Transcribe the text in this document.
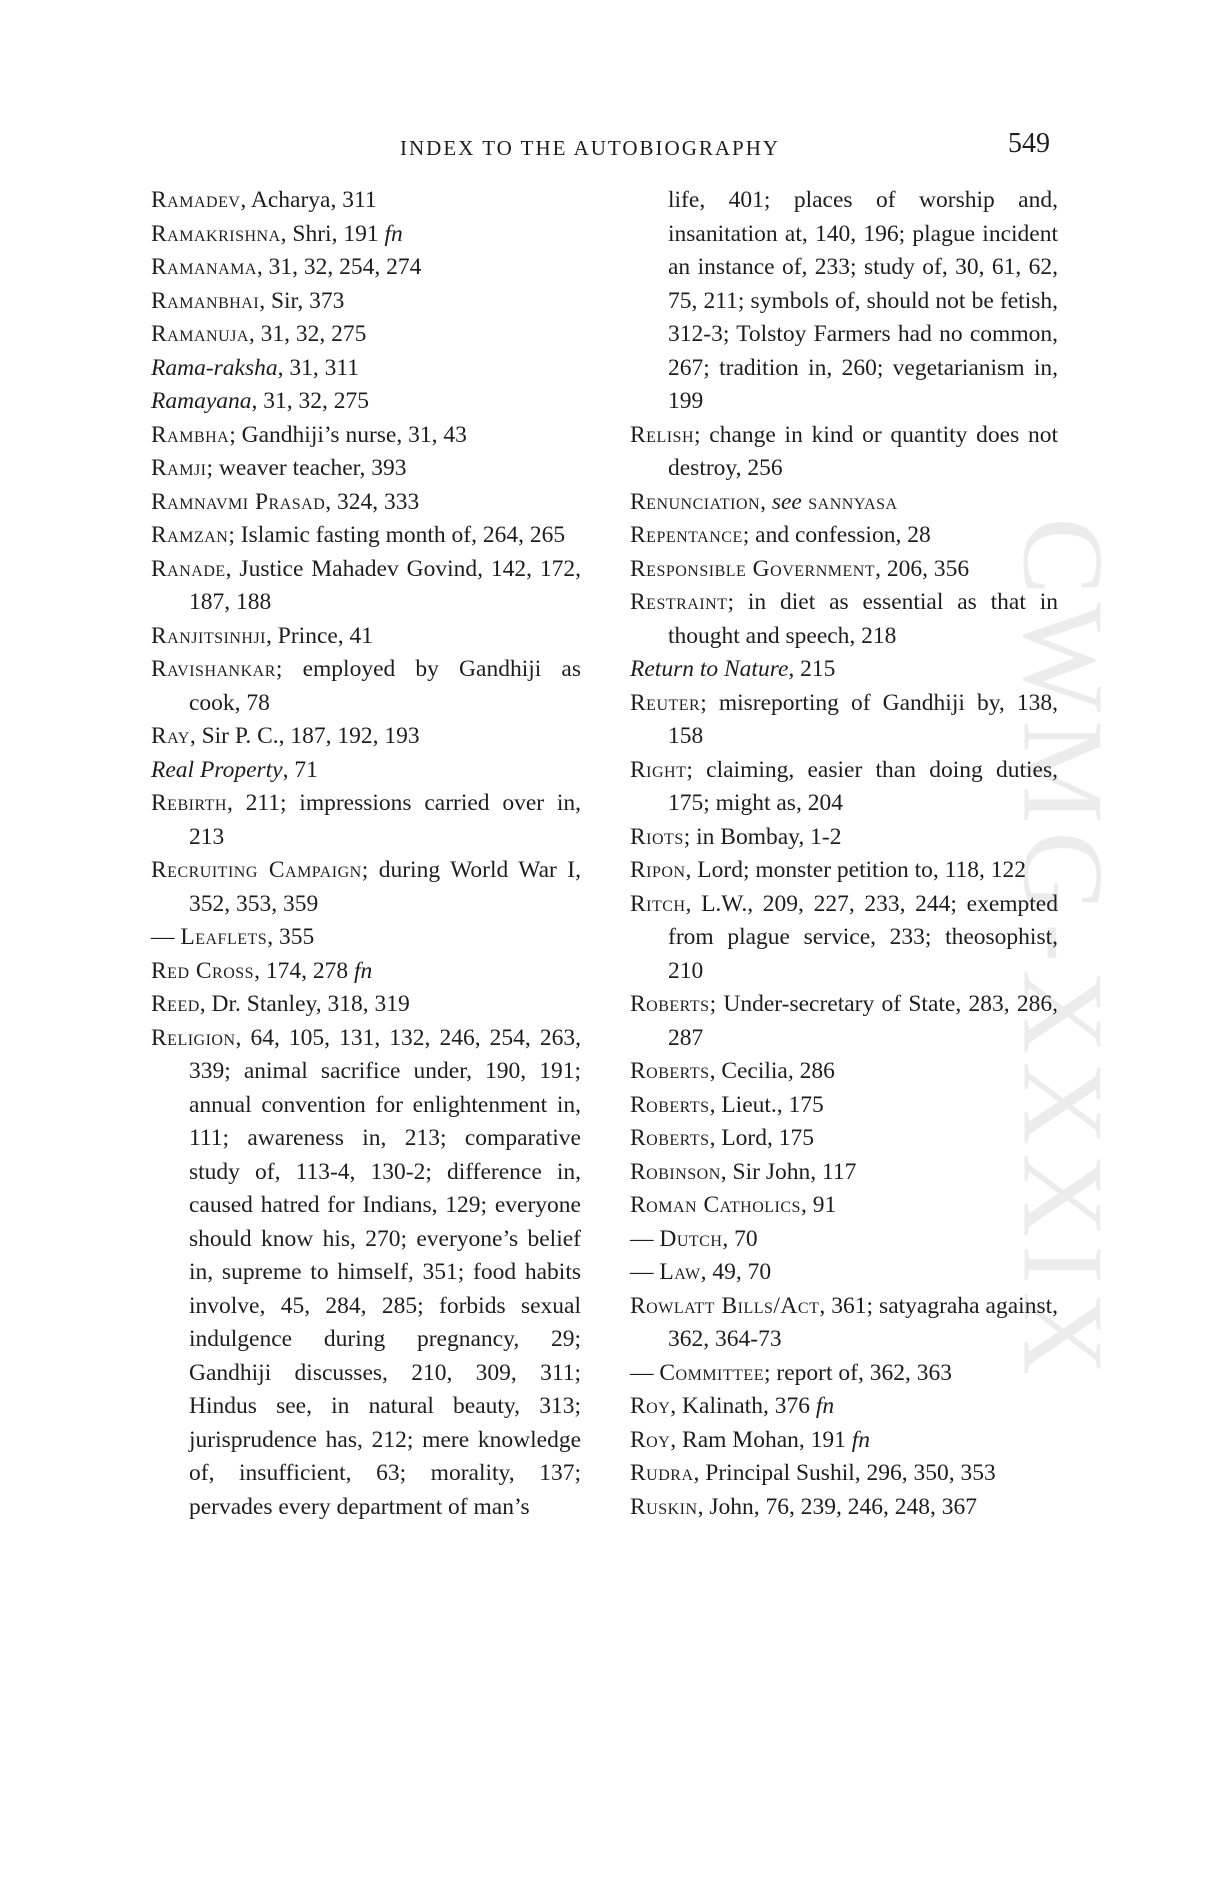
CWMG-XXXIX
INDEX TO THE AUTOBIOGRAPHY	549
Ramadev, Acharya, 311
Ramakrishna, Shri, 191 fn
Ramanama, 31, 32, 254, 274
Ramanbhai, Sir, 373
Ramanuja, 31, 32, 275
Rama-raksha, 31, 311
Ramayana, 31, 32, 275
Rambha; Gandhiji’s nurse, 31, 43
Ramji; weaver teacher, 393
Ramnavmi Prasad, 324, 333
Ramzan; Islamic fasting month of, 264, 265
Ranade, Justice Mahadev Govind, 142, 172, 187, 188
Ranjitsinhji, Prince, 41
Ravishankar; employed by Gandhiji as cook, 78
Ray, Sir P. C., 187, 192, 193
Real Property, 71
Rebirth, 211; impressions carried over in, 213
Recruiting Campaign; during World War I, 352, 353, 359
— Leaflets, 355
Red Cross, 174, 278 fn
Reed, Dr. Stanley, 318, 319
Religion, 64, 105, 131, 132, 246, 254, 263, 339; animal sacrifice under, 190, 191; annual convention for enlightenment in, 111; awareness in, 213; comparative study of, 113-4, 130-2; difference in, caused hatred for Indians, 129; everyone should know his, 270; everyone’s belief in, supreme to himself, 351; food habits involve, 45, 284, 285; forbids sexual indulgence during pregnancy, 29; Gandhiji discusses, 210, 309, 311; Hindus see, in natural beauty, 313; jurisprudence has, 212; mere knowledge of, insufficient, 63; morality, 137; pervades every department of man’s
life, 401; places of worship and, insanitation at, 140, 196; plague incident an instance of, 233; study of, 30, 61, 62, 75, 211; symbols of, should not be fetish, 312-3; Tolstoy Farmers had no common, 267; tradition in, 260; vegetarianism in, 199
Relish; change in kind or quantity does not destroy, 256
Renunciation, see sannyasa
Repentance; and confession, 28
Responsible Government, 206, 356
Restraint; in diet as essential as that in thought and speech, 218
Return to Nature, 215
Reuter; misreporting of Gandhiji by, 138, 158
Right; claiming, easier than doing duties, 175; might as, 204
Riots; in Bombay, 1-2
Ripon, Lord; monster petition to, 118, 122
Ritch, L.W., 209, 227, 233, 244; exempted from plague service, 233; theosophist, 210
Roberts; Under-secretary of State, 283, 286, 287
Roberts, Cecilia, 286
Roberts, Lieut., 175
Roberts, Lord, 175
Robinson, Sir John, 117
Roman Catholics, 91
— Dutch, 70
— Law, 49, 70
Rowlatt Bills/Act, 361; satyagraha against, 362, 364-73
— Committee; report of, 362, 363
Roy, Kalinath, 376 fn
Roy, Ram Mohan, 191 fn
Rudra, Principal Sushil, 296, 350, 353
Ruskin, John, 76, 239, 246, 248, 367
